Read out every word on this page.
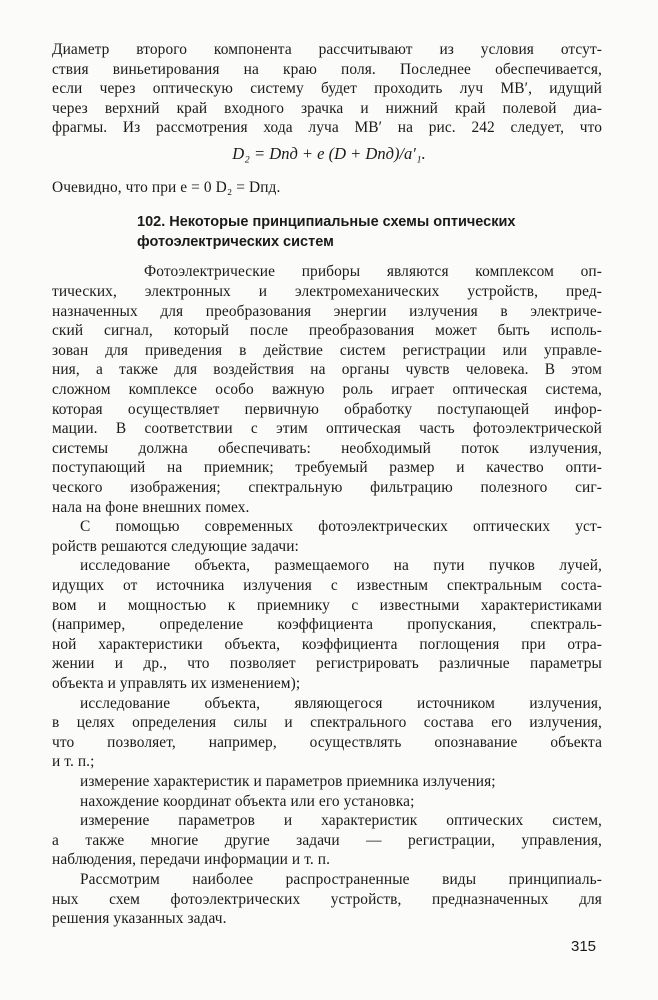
Диаметр второго компонента рассчитывают из условия отсут-
ствия виньетирования на краю поля. Последнее обеспечивается,
если через оптическую систему будет проходить луч MB′, идущий
через верхний край входного зрачка и нижний край полевой диа-
фрагмы. Из рассмотрения хода луча MB′ на рис. 242 следует, что
D₂ = Dпд + e (D + Dпд)/a′₁.
Очевидно, что при e = 0 D₂ = Dпд.
102. Некоторые принципиальные схемы оптических
фотоэлектрических систем
Фотоэлектрические приборы являются комплексом оп-
тических, электронных и электромеханических устройств, пред-
назначенных для преобразования энергии излучения в электриче-
ский сигнал, который после преобразования может быть исполь-
зован для приведения в действие систем регистрации или управле-
ния, а также для воздействия на органы чувств человека. В этом
сложном комплексе особо важную роль играет оптическая система,
которая осуществляет первичную обработку поступающей инфор-
мации. В соответствии с этим оптическая часть фотоэлектрической
системы должна обеспечивать: необходимый поток излучения,
поступающий на приемник; требуемый размер и качество опти-
ческого изображения; спектральную фильтрацию полезного сиг-
нала на фоне внешних помех.
С помощью современных фотоэлектрических оптических уст-
ройств решаются следующие задачи:
исследование объекта, размещаемого на пути пучков лучей,
идущих от источника излучения с известным спектральным соста-
вом и мощностью к приемнику с известными характеристиками
(например, определение коэффициента пропускания, спектраль-
ной характеристики объекта, коэффициента поглощения при отра-
жении и др., что позволяет регистрировать различные параметры
объекта и управлять их изменением);
исследование объекта, являющегося источником излучения,
в целях определения силы и спектрального состава его излучения,
что позволяет, например, осуществлять опознавание объекта
и т. п.;
измерение характеристик и параметров приемника излучения;
нахождение координат объекта или его установка;
измерение параметров и характеристик оптических систем,
а также многие другие задачи — регистрации, управления,
наблюдения, передачи информации и т. п.
Рассмотрим наиболее распространенные виды принципиаль-
ных схем фотоэлектрических устройств, предназначенных для
решения указанных задач.
315
